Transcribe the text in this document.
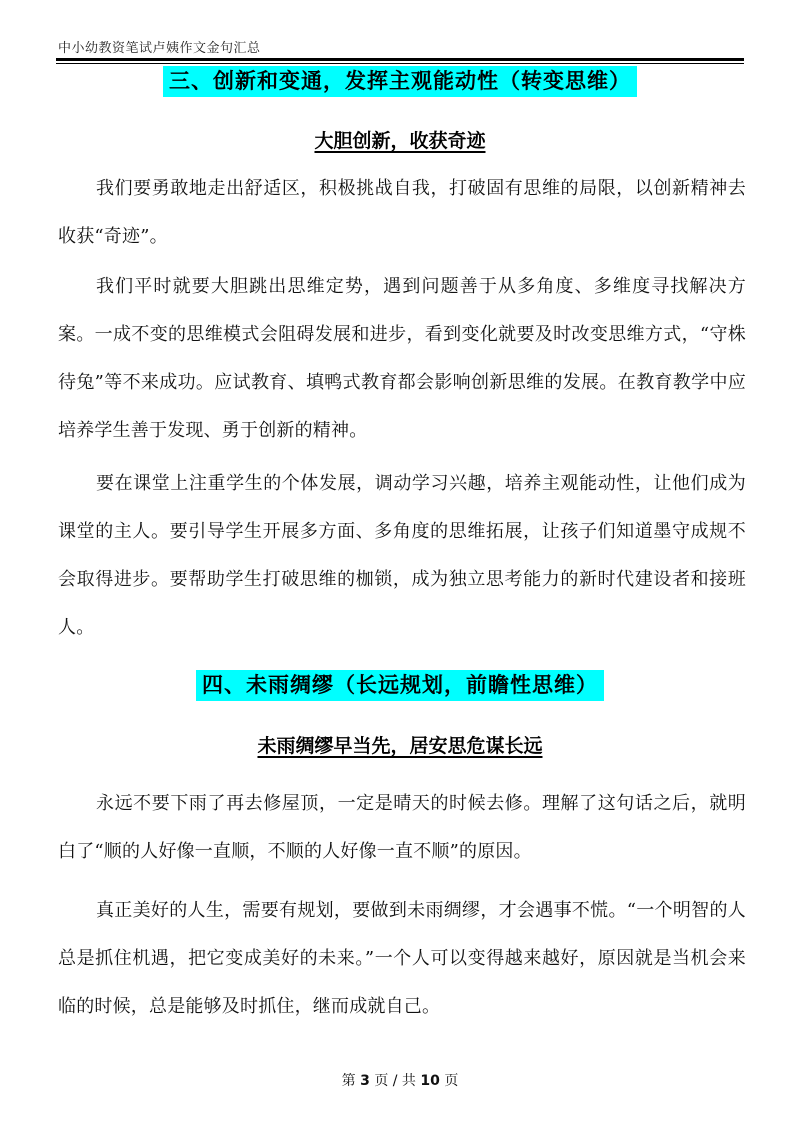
中小幼教资笔试卢姨作文金句汇总
三、创新和变通，发挥主观能动性（转变思维）
大胆创新，收获奇迹

我们要勇敢地走出舒适区，积极挑战自我，打破固有思维的局限，以创新精神去收获“奇迹”。

我们平时就要大胆跳出思维定势，遇到问题善于从多角度、多维度寻找解决方案。一成不变的思维模式会阻碍发展和进步，看到变化就要及时改变思维方式，“守株待兔”等不来成功。应试教育、填鸭式教育都会影响创新思维的发展。在教育教学中应培养学生善于发现、勇于创新的精神。

要在课堂上注重学生的个体发展，调动学习兴趣，培养主观能动性，让他们成为课堂的主人。要引导学生开展多方面、多角度的思维拓展，让孩子们知道墨守成规不会取得进步。要帮助学生打破思维的枷锁，成为独立思考能力的新时代建设者和接班人。

四、未雨绸缪（长远规划，前瞻性思维）
未雨绸缪早当先，居安思危谋长远

永远不要下雨了再去修屋顶，一定是晴天的时候去修。理解了这句话之后，就明白了“顺的人好像一直顺，不顺的人好像一直不顺”的原因。

真正美好的人生，需要有规划，要做到未雨绸缪，才会遇事不慌。“一个明智的人总是抓住机遇，把它变成美好的未来。”一个人可以变得越来越好，原因就是当机会来临的时候，总是能够及时抓住，继而成就自己。

第 3 页 / 共 10 页
